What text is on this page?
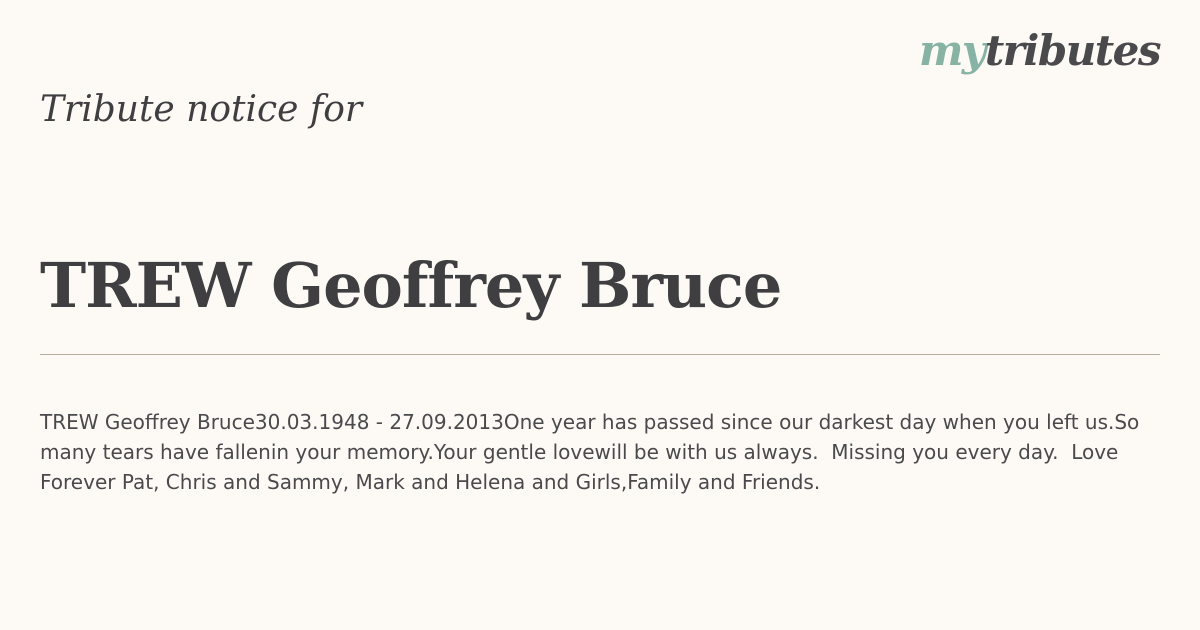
mytributes
Tribute notice for
TREW Geoffrey Bruce

TREW Geoffrey Bruce30.03.1948 - 27.09.2013One year has passed since our darkest day when you left us.So many tears have fallenin your memory.Your gentle lovewill be with us always.  Missing you every day.  Love Forever Pat, Chris and Sammy, Mark and Helena and Girls,Family and Friends.
